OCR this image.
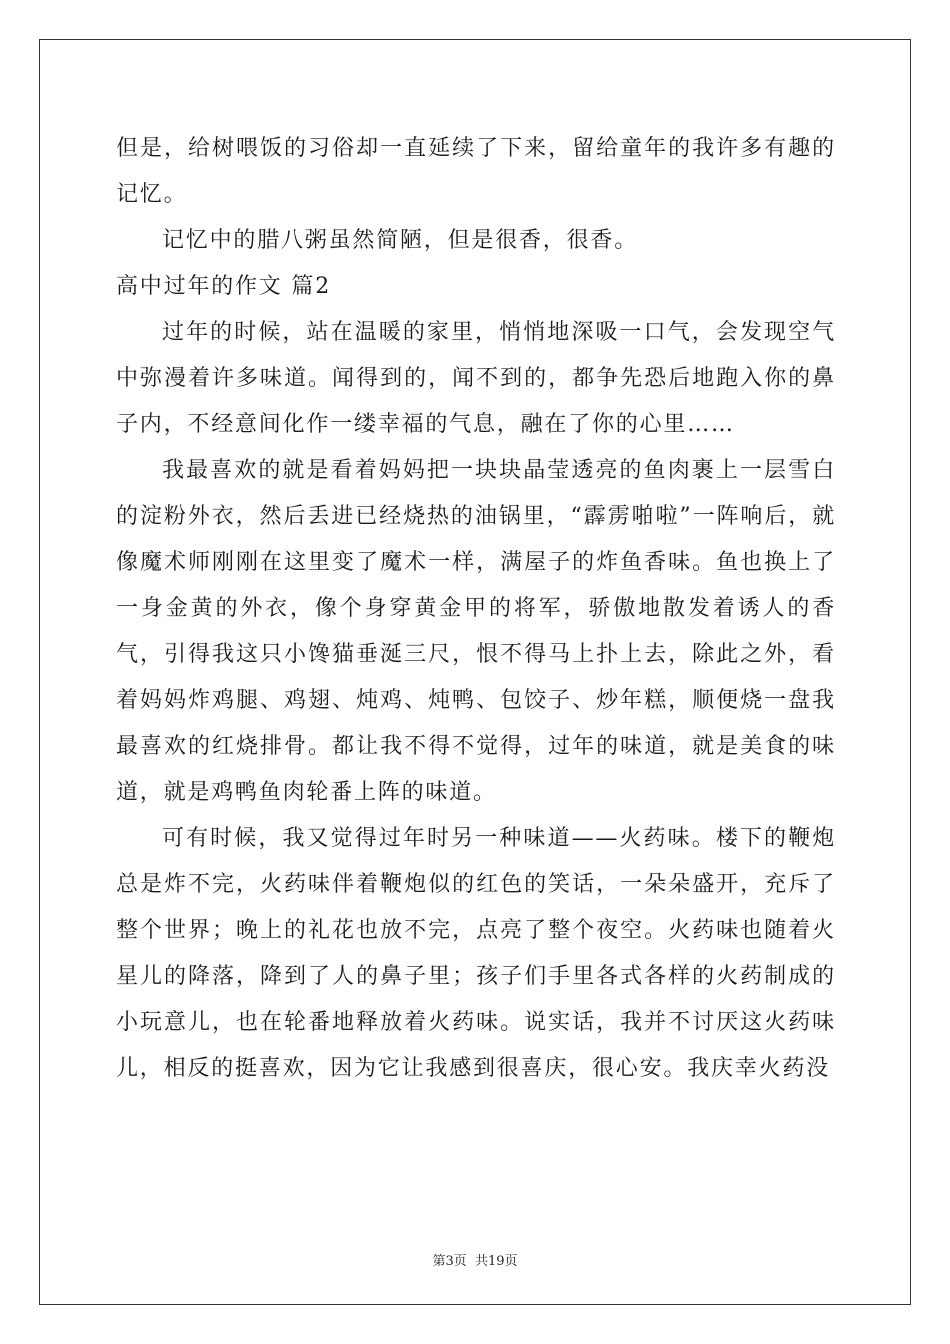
但是，给树喂饭的习俗却一直延续了下来，留给童年的我许多有趣的记忆。

记忆中的腊八粥虽然简陋，但是很香，很香。

高中过年的作文 篇2

过年的时候，站在温暖的家里，悄悄地深吸一口气，会发现空气中弥漫着许多味道。闻得到的，闻不到的，都争先恐后地跑入你的鼻子内，不经意间化作一缕幸福的气息，融在了你的心里……

我最喜欢的就是看着妈妈把一块块晶莹透亮的鱼肉裹上一层雪白的淀粉外衣，然后丢进已经烧热的油锅里，“霹雳啪啦”一阵响后，就像魔术师刚刚在这里变了魔术一样，满屋子的炸鱼香味。鱼也换上了一身金黄的外衣，像个身穿黄金甲的将军，骄傲地散发着诱人的香气，引得我这只小馋猫垂涎三尺，恨不得马上扑上去，除此之外，看着妈妈炸鸡腿、鸡翅、炖鸡、炖鸭、包饺子、炒年糕，顺便烧一盘我最喜欢的红烧排骨。都让我不得不觉得，过年的味道，就是美食的味道，就是鸡鸭鱼肉轮番上阵的味道。

可有时候，我又觉得过年时另一种味道——火药味。楼下的鞭炮总是炸不完，火药味伴着鞭炮似的红色的笑话，一朵朵盛开，充斥了整个世界；晚上的礼花也放不完，点亮了整个夜空。火药味也随着火星儿的降落，降到了人的鼻子里；孩子们手里各式各样的火药制成的小玩意儿，也在轮番地释放着火药味。说实话，我并不讨厌这火药味儿，相反的挺喜欢，因为它让我感到很喜庆，很心安。我庆幸火药没

第3页 共19页
